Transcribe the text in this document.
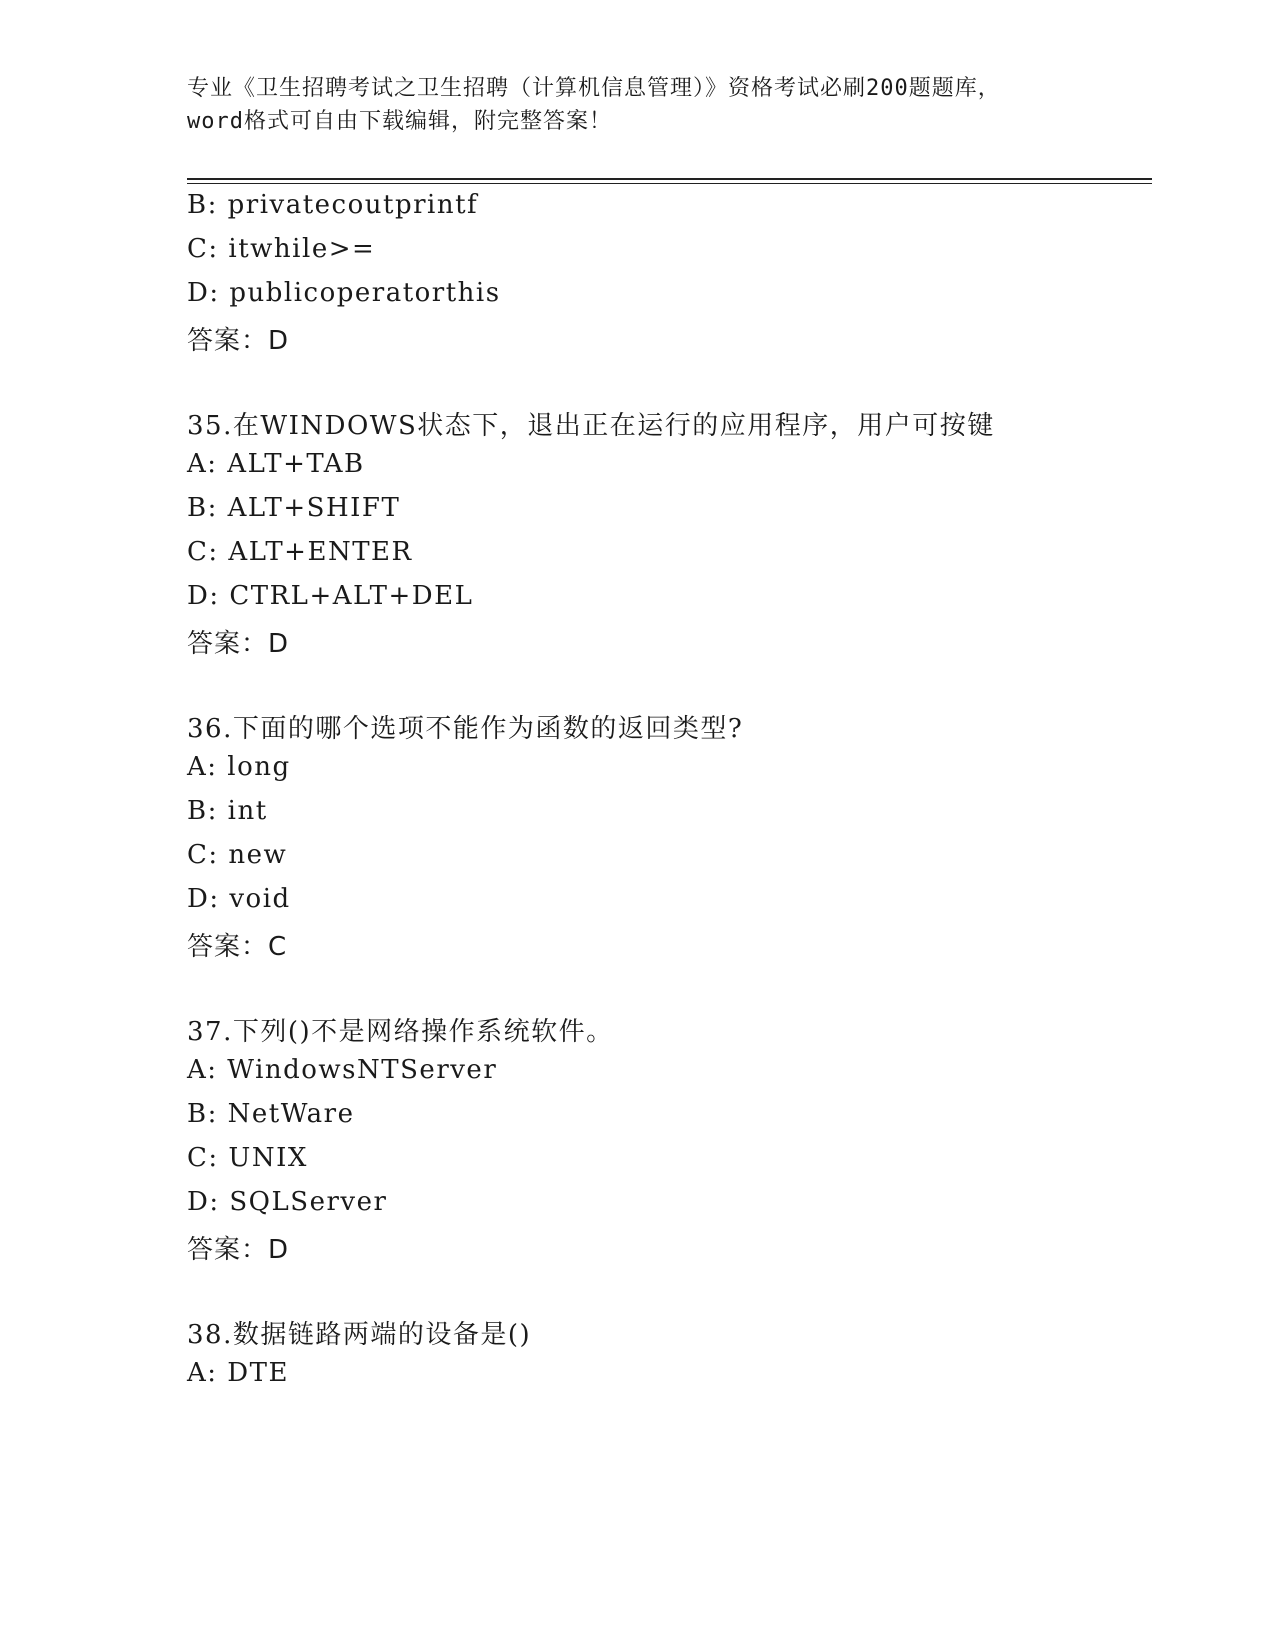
专业《卫生招聘考试之卫生招聘（计算机信息管理）》资格考试必刷200题题库，
word格式可自由下载编辑，附完整答案！
B: privatecoutprintf
C: itwhile>=
D: publicoperatorthis
答案：D
35.在WINDOWS状态下，退出正在运行的应用程序，用户可按键
A: ALT+TAB
B: ALT+SHIFT
C: ALT+ENTER
D: CTRL+ALT+DEL
答案：D
36.下面的哪个选项不能作为函数的返回类型?
A: long
B: int
C: new
D: void
答案：C
37.下列()不是网络操作系统软件。
A: WindowsNTServer
B: NetWare
C: UNIX
D: SQLServer
答案：D
38.数据链路两端的设备是()
A: DTE
